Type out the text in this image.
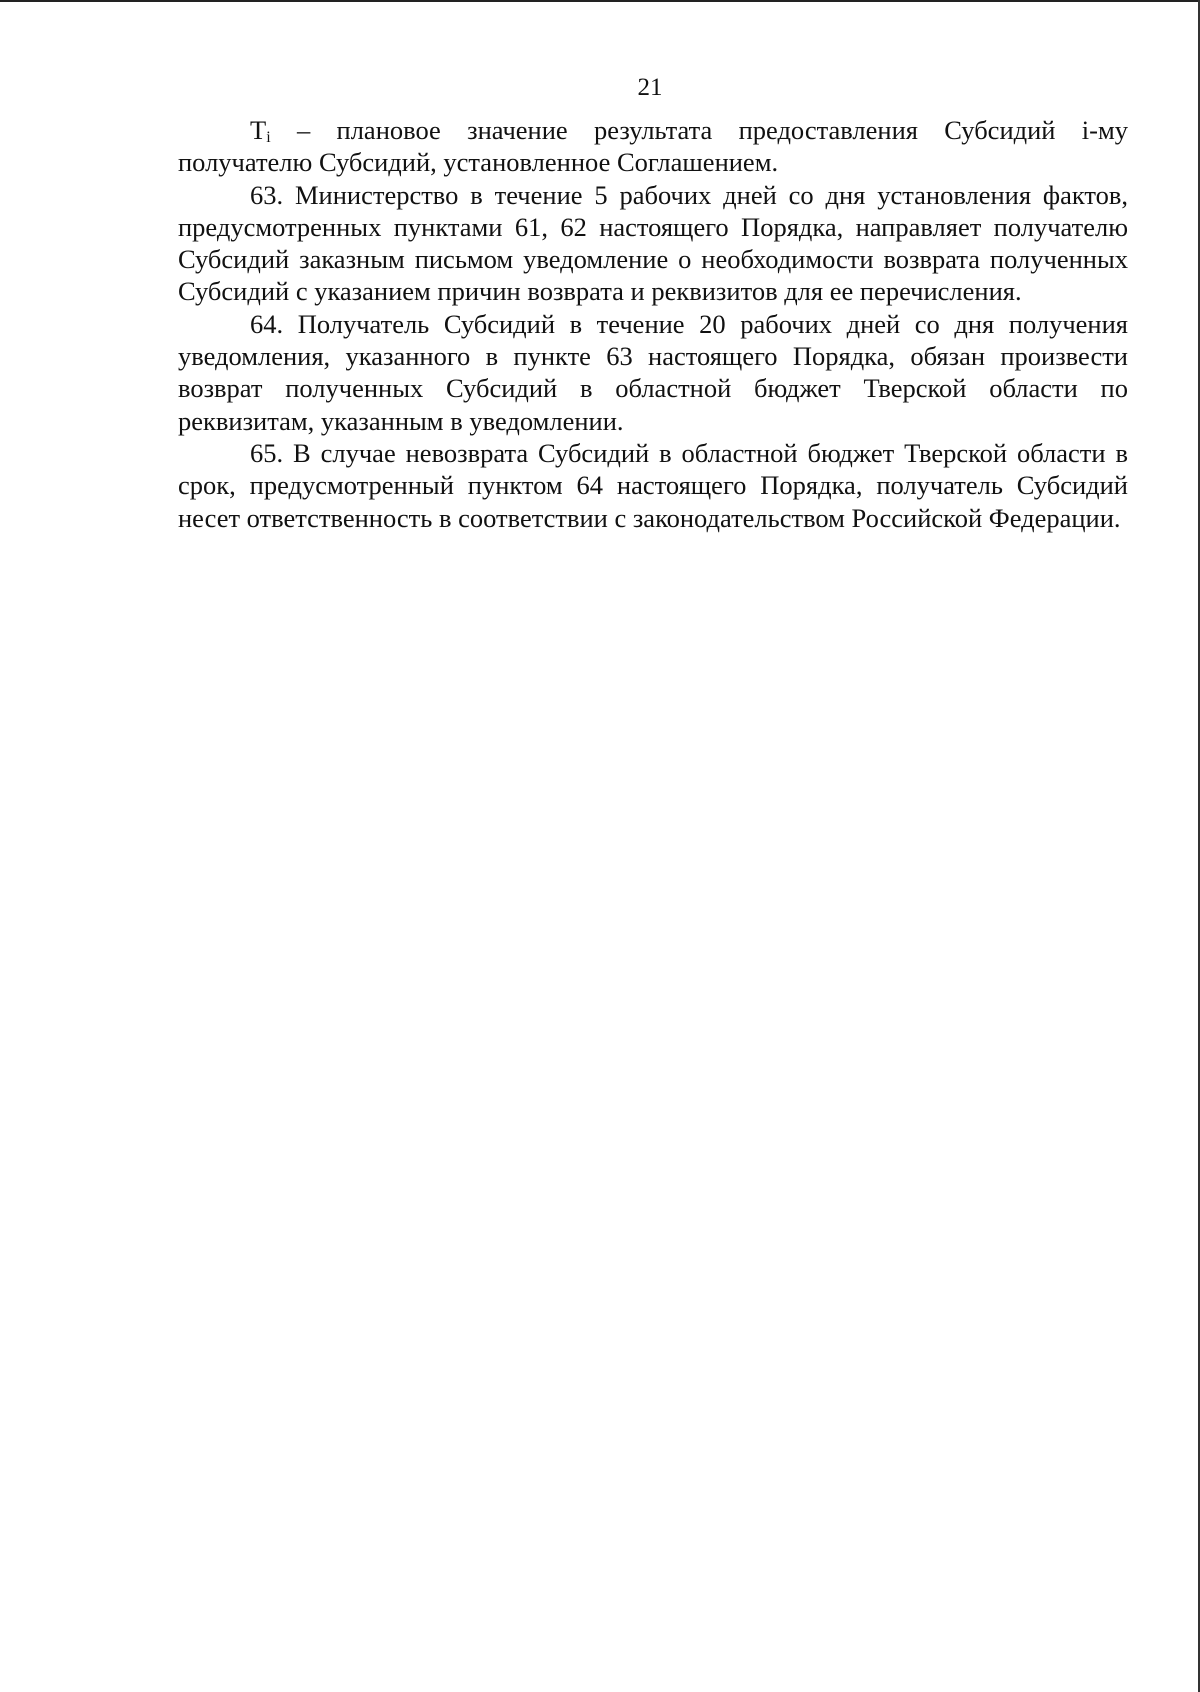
21

$T_i$ – плановое значение результата предоставления Субсидий i-му получателю Субсидий, установленное Соглашением.

63. Министерство в течение 5 рабочих дней со дня установления фактов, предусмотренных пунктами 61, 62 настоящего Порядка, направляет получателю Субсидий заказным письмом уведомление о необходимости возврата полученных Субсидий с указанием причин возврата и реквизитов для ее перечисления.

64. Получатель Субсидий в течение 20 рабочих дней со дня получения уведомления, указанного в пункте 63 настоящего Порядка, обязан произвести возврат полученных Субсидий в областной бюджет Тверской области по реквизитам, указанным в уведомлении.

65. В случае невозврата Субсидий в областной бюджет Тверской области в срок, предусмотренный пунктом 64 настоящего Порядка, получатель Субсидий несет ответственность в соответствии с законодательством Российской Федерации.
